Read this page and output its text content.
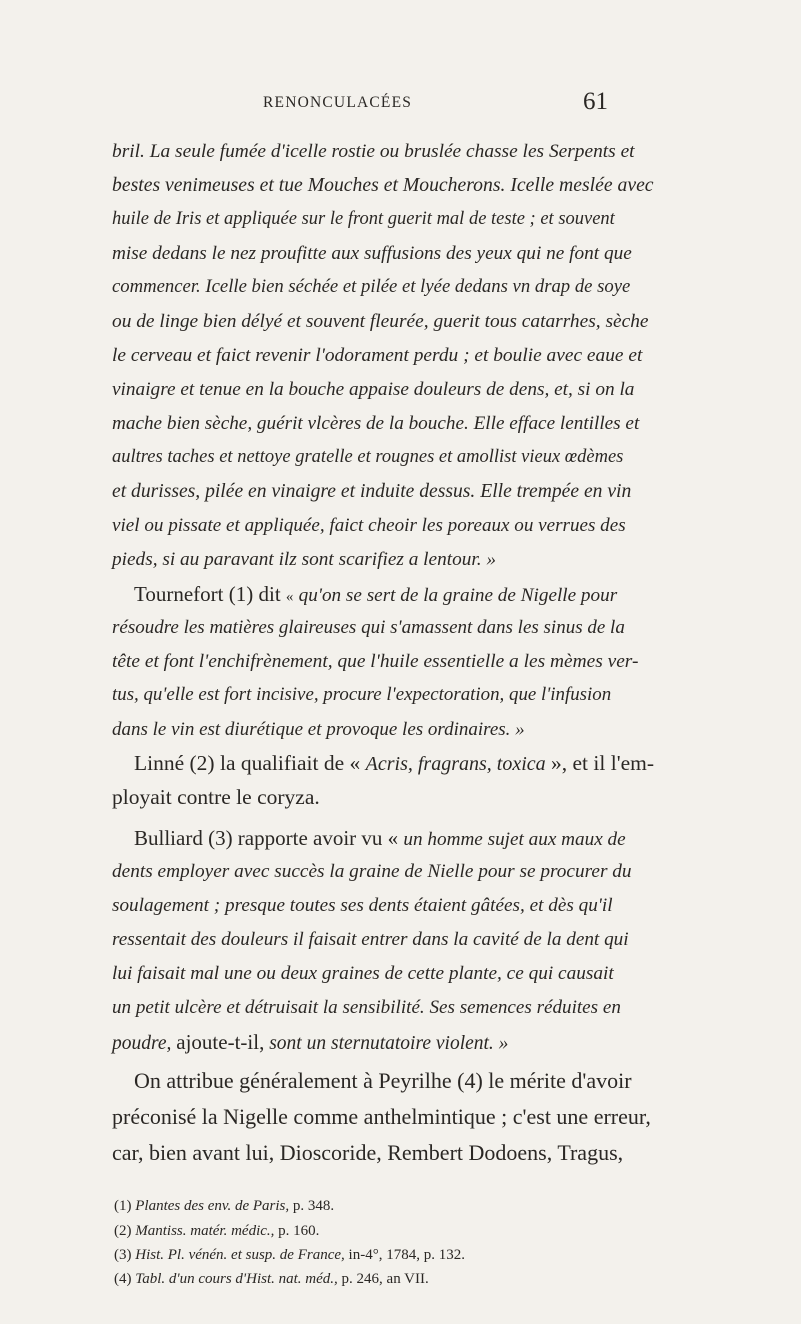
RENONCULACÉES	61
bril. La seule fumée d'icelle rostie ou bruslée chasse les Serpents et
bestes venimeuses et tue Mouches et Moucherons. Icelle meslée avec
huile de Iris et appliquée sur le front guerit mal de teste ; et souvent
mise dedans le nez proufitte aux suffusions des yeux qui ne font que
commencer. Icelle bien séchée et pilée et lyée dedans vn drap de soye
ou de linge bien délyé et souvent fleurée, guerit tous catarrhes, sèche
le cerveau et faict revenir l'odorament perdu ; et boulie avec eaue et
vinaigre et tenue en la bouche appaise douleurs de dens, et, si on la
mache bien sèche, guérit vlcères de la bouche. Elle efface lentilles et
aultres taches et nettoye gratelle et rougnes et amollist vieux œdèmes
et durisses, pilée en vinaigre et induite dessus. Elle trempée en vin
viel ou pissate et appliquée, faict cheoir les poreaux ou verrues des
pieds, si au paravant ilz sont scarifiez a lentour. »
Tournefort (1) dit « qu'on se sert de la graine de Nigelle pour
résoudre les matières glaireuses qui s'amassent dans les sinus de la
tête et font l'enchifrènement, que l'huile essentielle a les mèmes ver-
tus, qu'elle est fort incisive, procure l'expectoration, que l'infusion
dans le vin est diurétique et provoque les ordinaires. »
Linné (2) la qualifiait de « Acris, fragrans, toxica », et il l'em-
ployait contre le coryza.
Bulliard (3) rapporte avoir vu « un homme sujet aux maux de
dents employer avec succès la graine de Nielle pour se procurer du
soulagement ; presque toutes ses dents étaient gâtées, et dès qu'il
ressentait des douleurs il faisait entrer dans la cavité de la dent qui
lui faisait mal une ou deux graines de cette plante, ce qui causait
un petit ulcère et détruisait la sensibilité. Ses semences réduites en
poudre, ajoute-t-il, sont un sternutatoire violent. »
On attribue généralement à Peyrilhe (4) le mérite d'avoir
préconisé la Nigelle comme anthelmintique ; c'est une erreur,
car, bien avant lui, Dioscoride, Rembert Dodoens, Tragus,
(1) Plantes des env. de Paris, p. 348.
(2) Mantiss. matér. médic., p. 160.
(3) Hist. Pl. vénén. et susp. de France, in-4°, 1784, p. 132.
(4) Tabl. d'un cours d'Hist. nat. méd., p. 246, an VII.
